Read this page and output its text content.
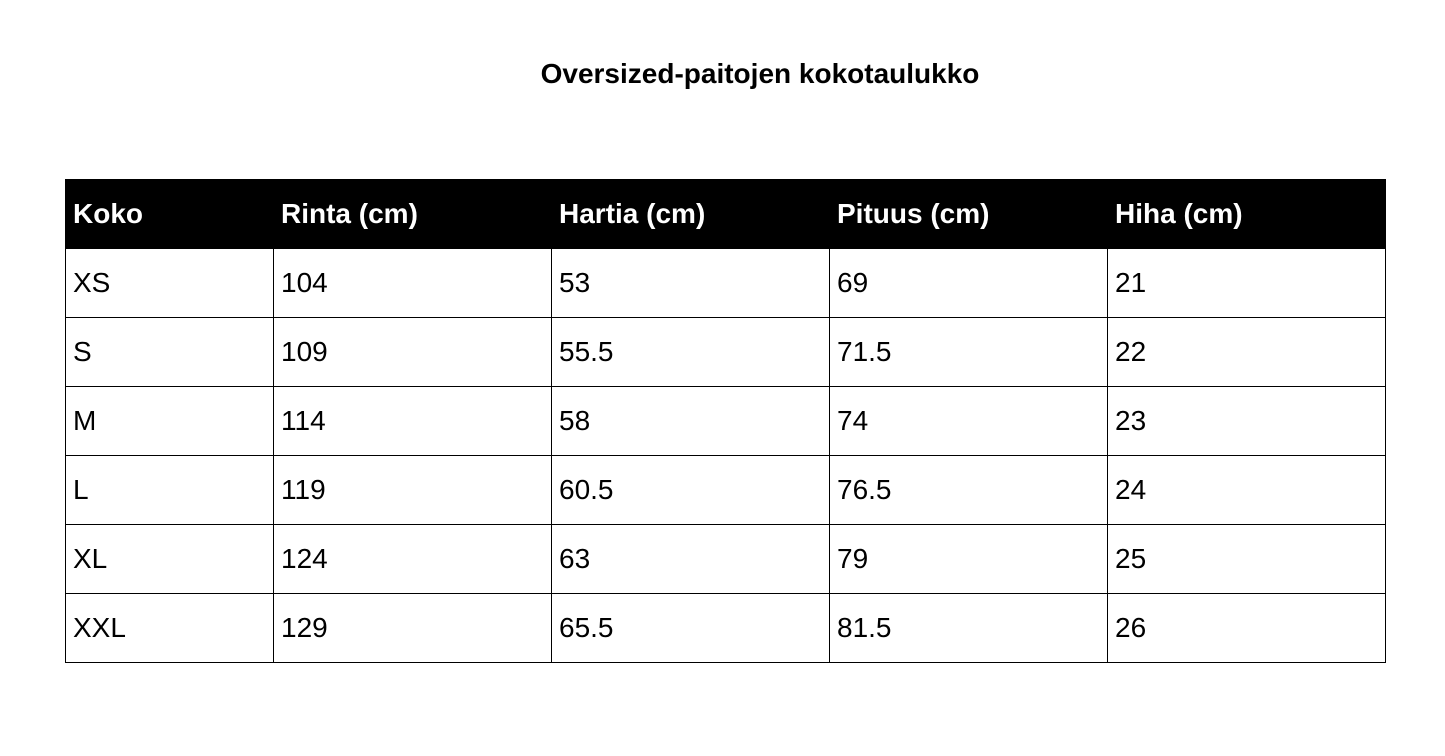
Oversized-paitojen kokotaulukko
Koko	Rinta (cm)	Hartia (cm)	Pituus (cm)	Hiha (cm)
XS	104	53	69	21
S	109	55.5	71.5	22
M	114	58	74	23
L	119	60.5	76.5	24
XL	124	63	79	25
XXL	129	65.5	81.5	26
